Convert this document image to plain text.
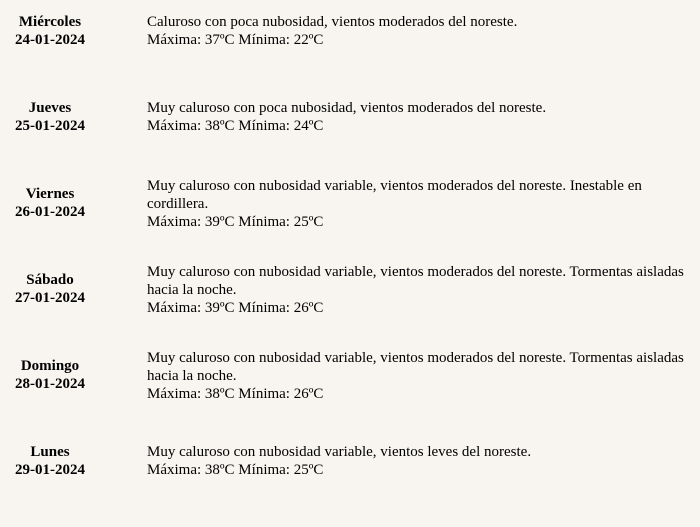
Miércoles
24-01-2024
Caluroso con poca nubosidad, vientos moderados del noreste.
Máxima: 37ºC Mínima: 22ºC
Jueves
25-01-2024
Muy caluroso con poca nubosidad, vientos moderados del noreste.
Máxima: 38ºC Mínima: 24ºC
Viernes
26-01-2024
Muy caluroso con nubosidad variable, vientos moderados del noreste. Inestable en cordillera.
Máxima: 39ºC Mínima: 25ºC
Sábado
27-01-2024
Muy caluroso con nubosidad variable, vientos moderados del noreste. Tormentas aisladas hacia la noche.
Máxima: 39ºC Mínima: 26ºC
Domingo
28-01-2024
Muy caluroso con nubosidad variable, vientos moderados del noreste. Tormentas aisladas hacia la noche.
Máxima: 38ºC Mínima: 26ºC
Lunes
29-01-2024
Muy caluroso con nubosidad variable, vientos leves del noreste.
Máxima: 38ºC Mínima: 25ºC
